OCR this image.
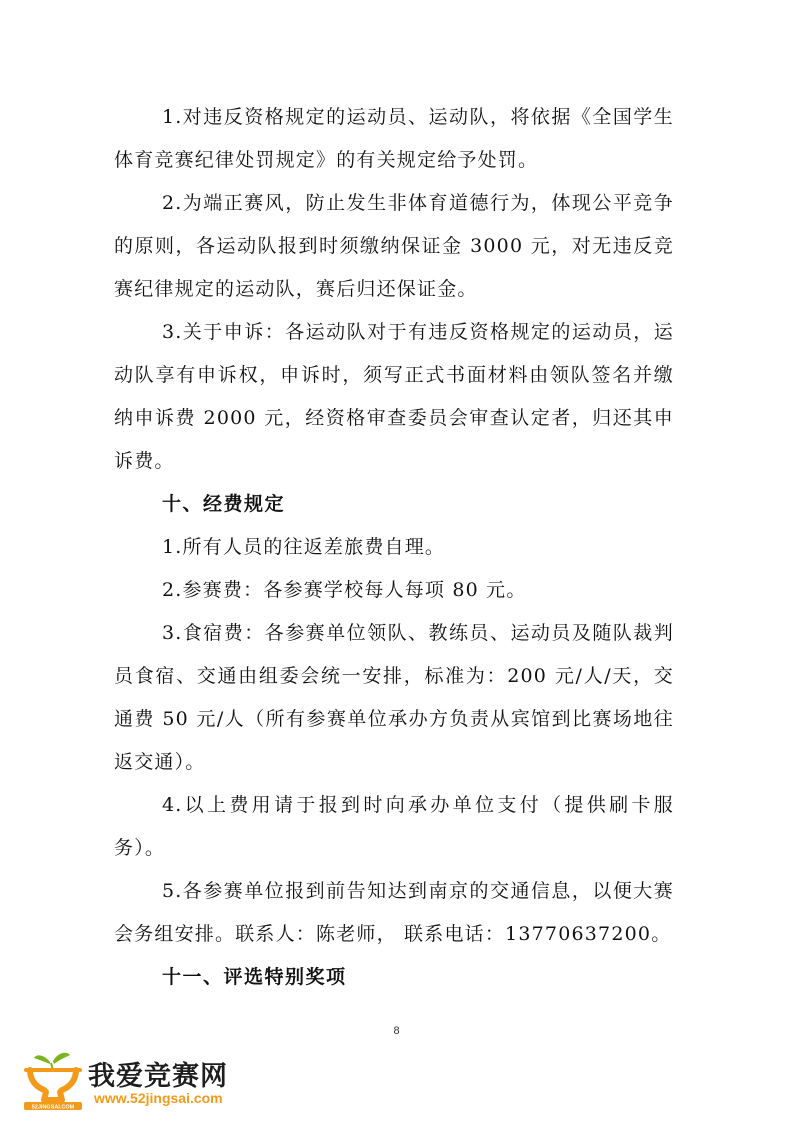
1.对违反资格规定的运动员、运动队，将依据《全国学生体育竞赛纪律处罚规定》的有关规定给予处罚。

2.为端正赛风，防止发生非体育道德行为，体现公平竞争的原则，各运动队报到时须缴纳保证金 3000 元，对无违反竞赛纪律规定的运动队，赛后归还保证金。

3.关于申诉：各运动队对于有违反资格规定的运动员，运动队享有申诉权，申诉时，须写正式书面材料由领队签名并缴纳申诉费 2000 元，经资格审查委员会审查认定者，归还其申诉费。

十、经费规定

1.所有人员的往返差旅费自理。

2.参赛费：各参赛学校每人每项 80 元。

3.食宿费：各参赛单位领队、教练员、运动员及随队裁判员食宿、交通由组委会统一安排，标准为：200 元/人/天，交通费 50 元/人（所有参赛单位承办方负责从宾馆到比赛场地往返交通）。

4.以上费用请于报到时向承办单位支付（提供刷卡服务）。

5.各参赛单位报到前告知达到南京的交通信息，以便大赛会务组安排。联系人：陈老师， 联系电话：13770637200。

十一、评选特别奖项

8
52JINGSAI.COM
我爱竞赛网
www.52jingsai.com
